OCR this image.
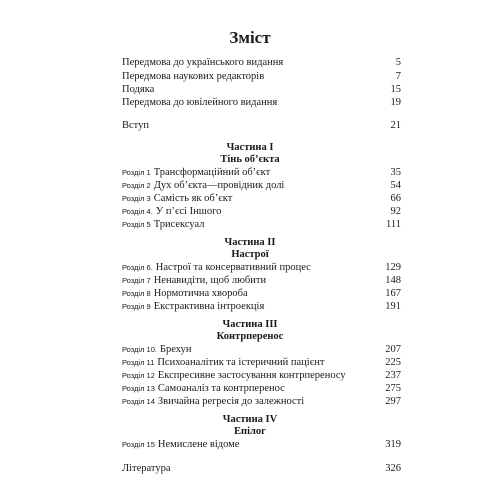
Зміст
Передмова до українського видання	5
Передмова наукових редакторів	7
Подяка	15
Передмова до ювілейного видання	19
Вступ	21
Частина I
Тінь об’єкта
Розділ 1 Трансформаційний об’єкт	35
Розділ 2 Дух об’єкта—провідник долі	54
Розділ 3 Самість як об’єкт	66
Розділ 4. У п’єсі Іншого	92
Розділ 5 Трисексуал	111
Частина II
Настрої
Розділ 6. Настрої та консервативний процес	129
Розділ 7 Ненавидіти, щоб любити	148
Розділ 8 Нормотична хвороба	167
Розділ 9 Екстрактивна інтроекція	191
Частина III
Контрперенос
Розділ 10. Брехун	207
Розділ 11 Психоаналітик та істеричний пацієнт	225
Розділ 12 Експресивне застосування контрпереносу	237
Розділ 13 Самоаналіз та контрперенос	275
Розділ 14 Звичайна регресія до залежності	297
Частина IV
Епілог
Розділ 15 Немислене відоме	319
Література	326
